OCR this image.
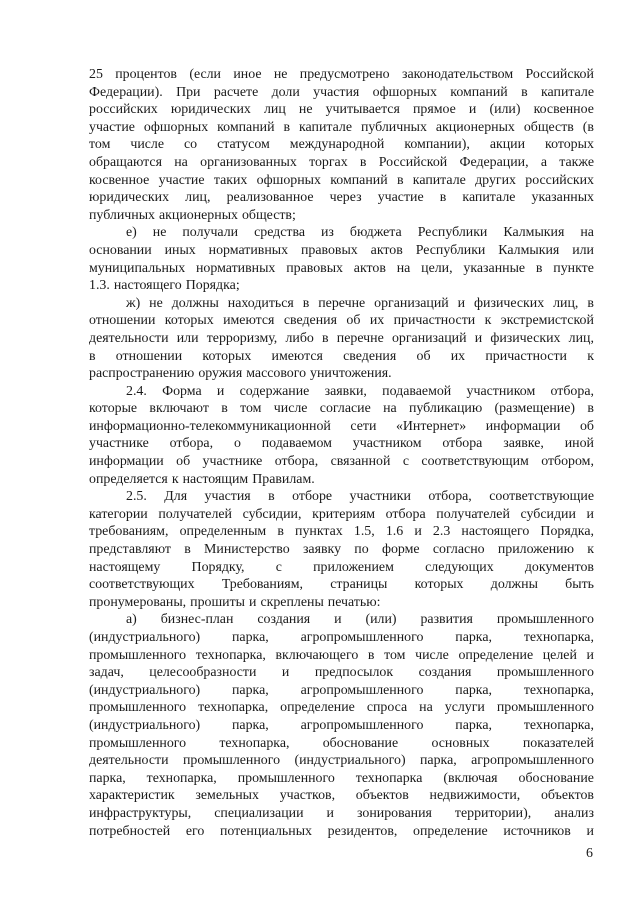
25 процентов (если иное не предусмотрено законодательством Российской
Федерации). При расчете доли участия офшорных компаний в капитале
российских юридических лиц не учитывается прямое и (или) косвенное
участие офшорных компаний в капитале публичных акционерных обществ (в
том числе со статусом международной компании), акции которых
обращаются на организованных торгах в Российской Федерации, а также
косвенное участие таких офшорных компаний в капитале других российских
юридических лиц, реализованное через участие в капитале указанных
публичных акционерных обществ;
е) не получали средства из бюджета Республики Калмыкия на
основании иных нормативных правовых актов Республики Калмыкия или
муниципальных нормативных правовых актов на цели, указанные в пункте
1.3. настоящего Порядка;
ж) не должны находиться в перечне организаций и физических лиц, в
отношении которых имеются сведения об их причастности к экстремистской
деятельности или терроризму, либо в перечне организаций и физических лиц,
в отношении которых имеются сведения об их причастности к
распространению оружия массового уничтожения.
2.4. Форма и содержание заявки, подаваемой участником отбора,
которые включают в том числе согласие на публикацию (размещение) в
информационно-телекоммуникационной сети «Интернет» информации об
участнике отбора, о подаваемом участником отбора заявке, иной
информации об участнике отбора, связанной с соответствующим отбором,
определяется к настоящим Правилам.
2.5. Для участия в отборе участники отбора, соответствующие
категории получателей субсидии, критериям отбора получателей субсидии и
требованиям, определенным в пунктах 1.5, 1.6 и 2.3 настоящего Порядка,
представляют в Министерство заявку по форме согласно приложению к
настоящему Порядку, с приложением следующих документов
соответствующих Требованиям, страницы которых должны быть
пронумерованы, прошиты и скреплены печатью:
а) бизнес-план создания и (или) развития промышленного
(индустриального) парка, агропромышленного парка, технопарка,
промышленного технопарка, включающего в том числе определение целей и
задач, целесообразности и предпосылок создания промышленного
(индустриального) парка, агропромышленного парка, технопарка,
промышленного технопарка, определение спроса на услуги промышленного
(индустриального) парка, агропромышленного парка, технопарка,
промышленного технопарка, обоснование основных показателей
деятельности промышленного (индустриального) парка, агропромышленного
парка, технопарка, промышленного технопарка (включая обоснование
характеристик земельных участков, объектов недвижимости, объектов
инфраструктуры, специализации и зонирования территории), анализ
потребностей его потенциальных резидентов, определение источников и
6
